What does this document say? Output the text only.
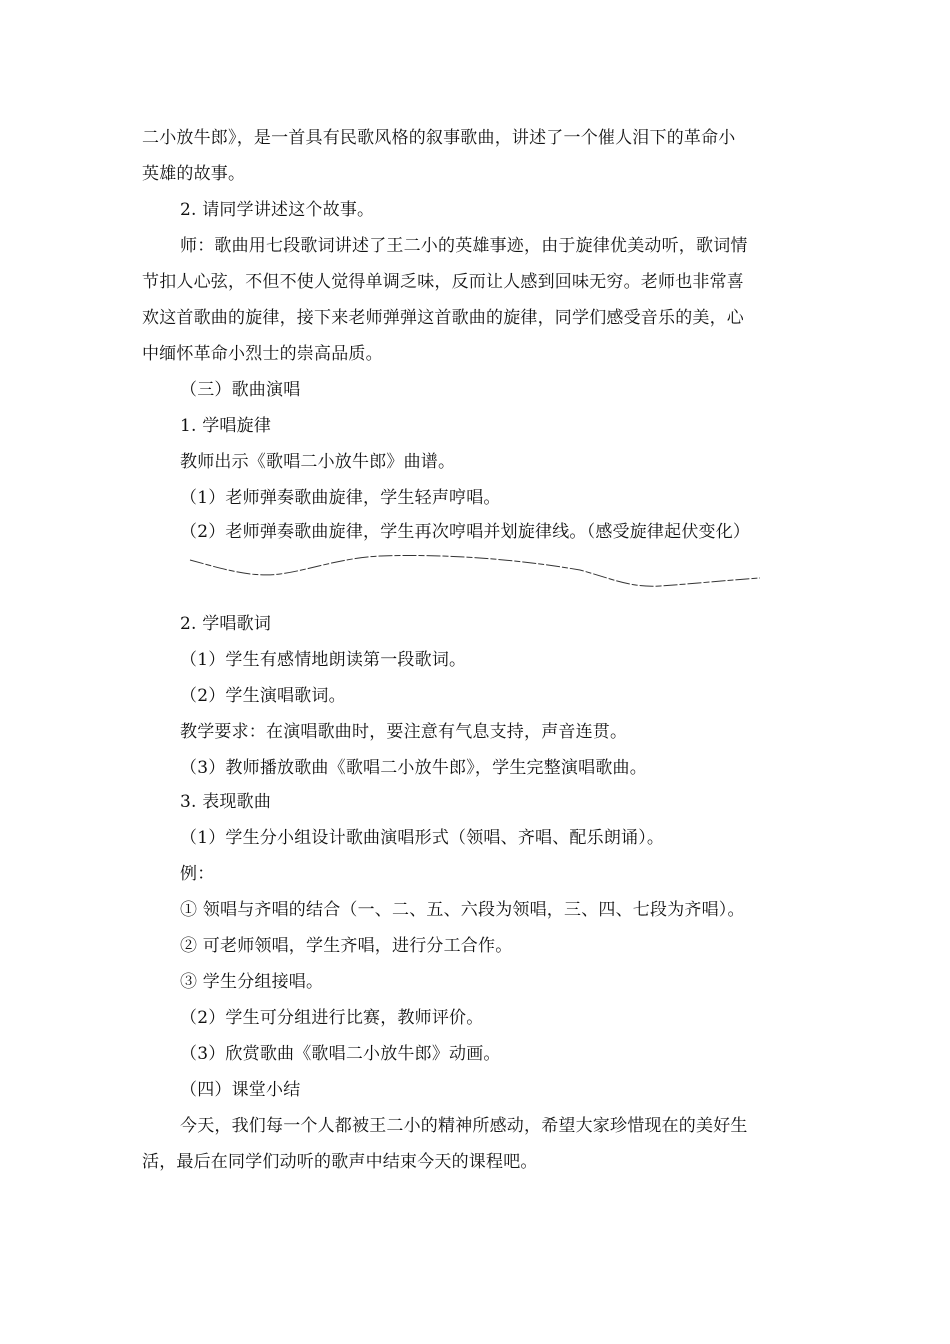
二小放牛郎》，是一首具有民歌风格的叙事歌曲，讲述了一个催人泪下的革命小
英雄的故事。
2. 请同学讲述这个故事。
师：歌曲用七段歌词讲述了王二小的英雄事迹，由于旋律优美动听，歌词情
节扣人心弦，不但不使人觉得单调乏味，反而让人感到回味无穷。老师也非常喜
欢这首歌曲的旋律，接下来老师弹弹这首歌曲的旋律，同学们感受音乐的美，心
中缅怀革命小烈士的崇高品质。
（三）歌曲演唱
1. 学唱旋律
教师出示《歌唱二小放牛郎》曲谱。
（1）老师弹奏歌曲旋律，学生轻声哼唱。
（2）老师弹奏歌曲旋律，学生再次哼唱并划旋律线。（感受旋律起伏变化）
2. 学唱歌词
（1）学生有感情地朗读第一段歌词。
（2）学生演唱歌词。
教学要求：在演唱歌曲时，要注意有气息支持，声音连贯。
（3）教师播放歌曲《歌唱二小放牛郎》，学生完整演唱歌曲。
3. 表现歌曲
（1）学生分小组设计歌曲演唱形式（领唱、齐唱、配乐朗诵）。
例：
① 领唱与齐唱的结合（一、二、五、六段为领唱，三、四、七段为齐唱）。
② 可老师领唱，学生齐唱，进行分工合作。
③ 学生分组接唱。
（2）学生可分组进行比赛，教师评价。
（3）欣赏歌曲《歌唱二小放牛郎》动画。
（四）课堂小结
今天，我们每一个人都被王二小的精神所感动，希望大家珍惜现在的美好生
活，最后在同学们动听的歌声中结束今天的课程吧。
